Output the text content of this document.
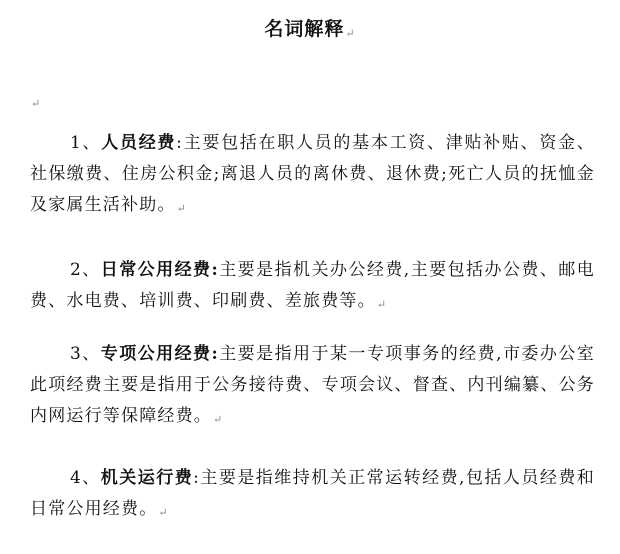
名词解释↵
↵
1、人员经费:主要包括在职人员的基本工资、津贴补贴、资金、社保缴费、住房公积金;离退人员的离休费、退休费;死亡人员的抚恤金及家属生活补助。↵
2、日常公用经费:主要是指机关办公经费,主要包括办公费、邮电费、水电费、培训费、印刷费、差旅费等。↵
3、专项公用经费:主要是指用于某一专项事务的经费,市委办公室此项经费主要是指用于公务接待费、专项会议、督查、内刊编纂、公务内网运行等保障经费。↵
4、机关运行费:主要是指维持机关正常运转经费,包括人员经费和日常公用经费。↵
